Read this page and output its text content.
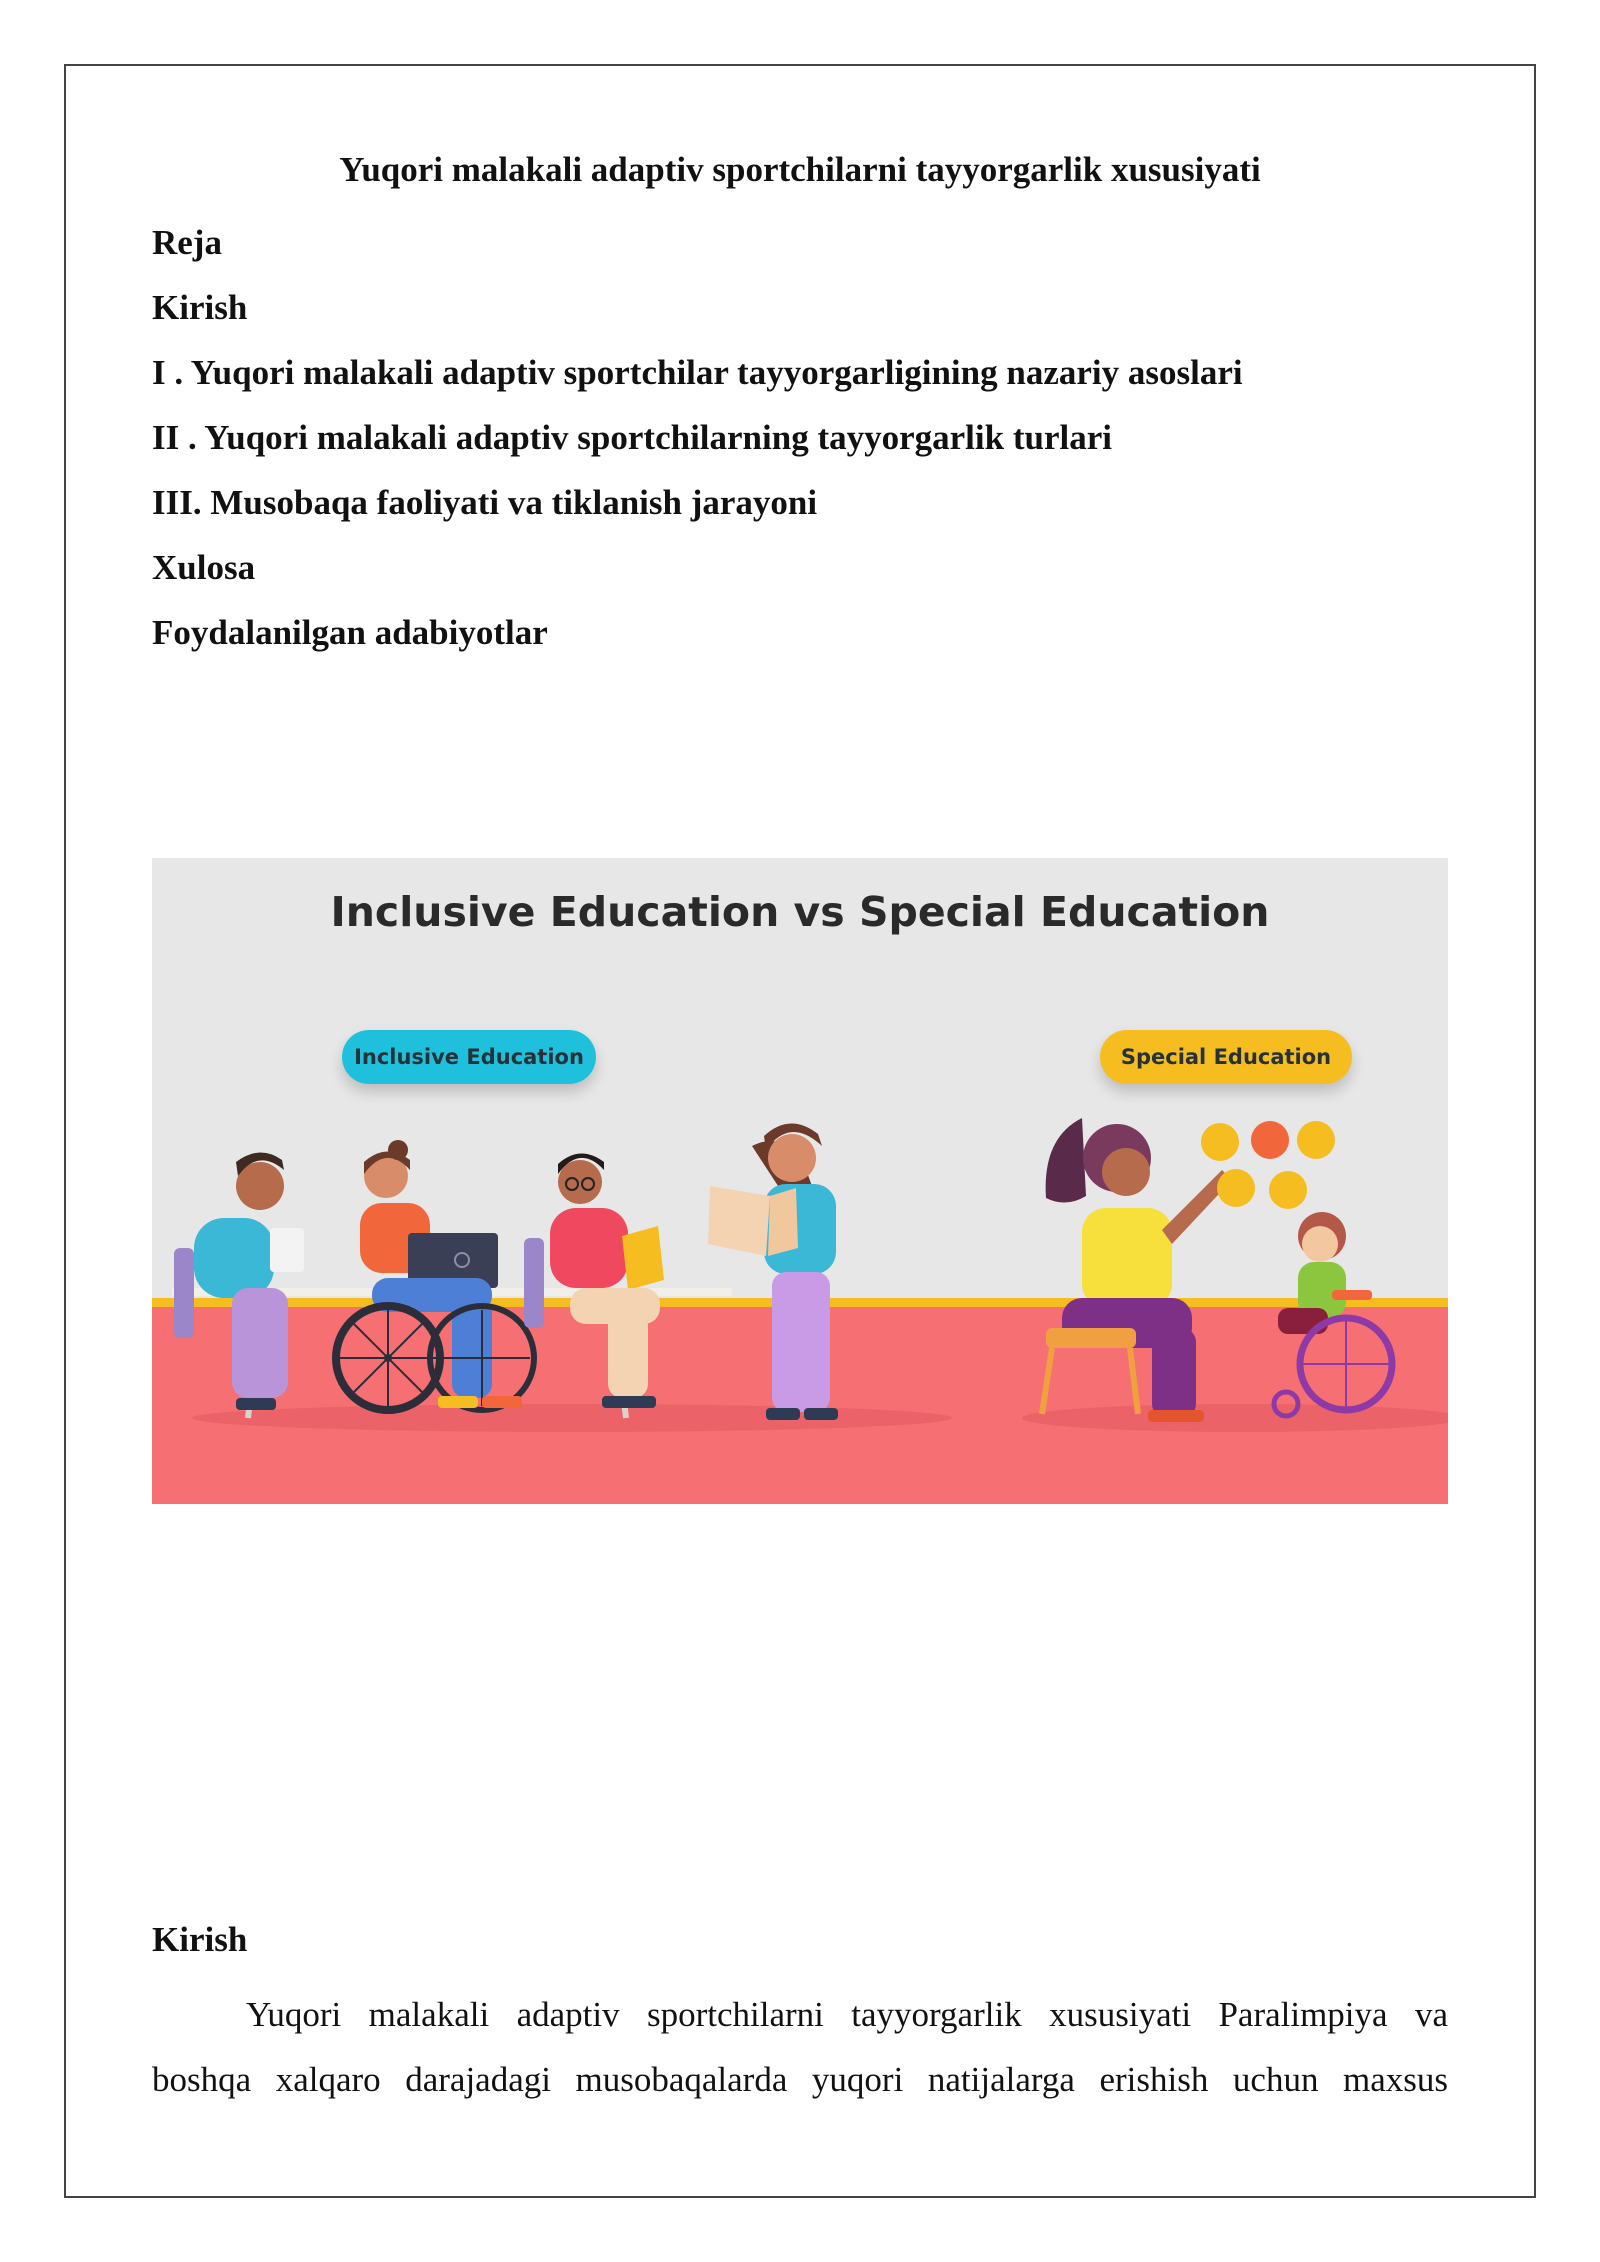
Yuqori malakali adaptiv sportchilarni tayyorgarlik xususiyati
Reja
Kirish
I . Yuqori malakali adaptiv sportchilar tayyorgarligining nazariy asoslari
II . Yuqori malakali adaptiv sportchilarning tayyorgarlik turlari
III. Musobaqa faoliyati va tiklanish jarayoni
Xulosa
Foydalanilgan adabiyotlar
Inclusive Education vs Special Education
Inclusive Education	Special Education
Kirish
Yuqori malakali adaptiv sportchilarni tayyorgarlik xususiyati Paralimpiya va
boshqa xalqaro darajadagi musobaqalarda yuqori natijalarga erishish uchun maxsus
